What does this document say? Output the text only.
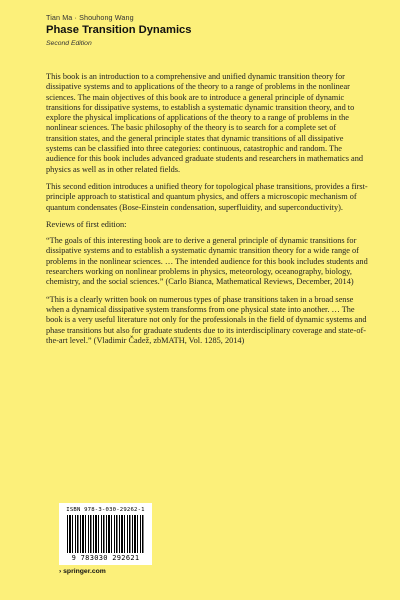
Tian Ma · Shouhong Wang
Phase Transition Dynamics
Second Edition

This book is an introduction to a comprehensive and unified dynamic transition theory for dissipative systems and to applications of the theory to a range of problems in the nonlinear sciences. The main objectives of this book are to introduce a general principle of dynamic transitions for dissipative systems, to establish a systematic dynamic transition theory, and to explore the physical implications of applications of the theory to a range of problems in the nonlinear sciences. The basic philosophy of the theory is to search for a complete set of transition states, and the general principle states that dynamic transitions of all dissipative systems can be classified into three categories: continuous, catastrophic and random. The audience for this book includes advanced graduate students and researchers in mathematics and physics as well as in other related fields.

This second edition introduces a unified theory for topological phase transitions, provides a first-principle approach to statistical and quantum physics, and offers a microscopic mechanism of quantum condensates (Bose-Einstein condensation, superfluidity, and superconductivity).

Reviews of first edition:

“The goals of this interesting book are to derive a general principle of dynamic transitions for dissipative systems and to establish a systematic dynamic transition theory for a wide range of problems in the nonlinear sciences. … The intended audience for this book includes students and researchers working on nonlinear problems in physics, meteorology, oceanography, biology, chemistry, and the social sciences.” (Carlo Bianca, Mathematical Reviews, December, 2014)

“This is a clearly written book on numerous types of phase transitions taken in a broad sense when a dynamical dissipative system transforms from one physical state into another. … The book is a very useful literature not only for the professionals in the field of dynamic systems and phase transitions but also for graduate students due to its interdisciplinary coverage and state-of-the-art level.” (Vladimir Čadež, zbMATH, Vol. 1285, 2014)

ISBN 978-3-030-29262-1
9 783030 292621
› springer.com
